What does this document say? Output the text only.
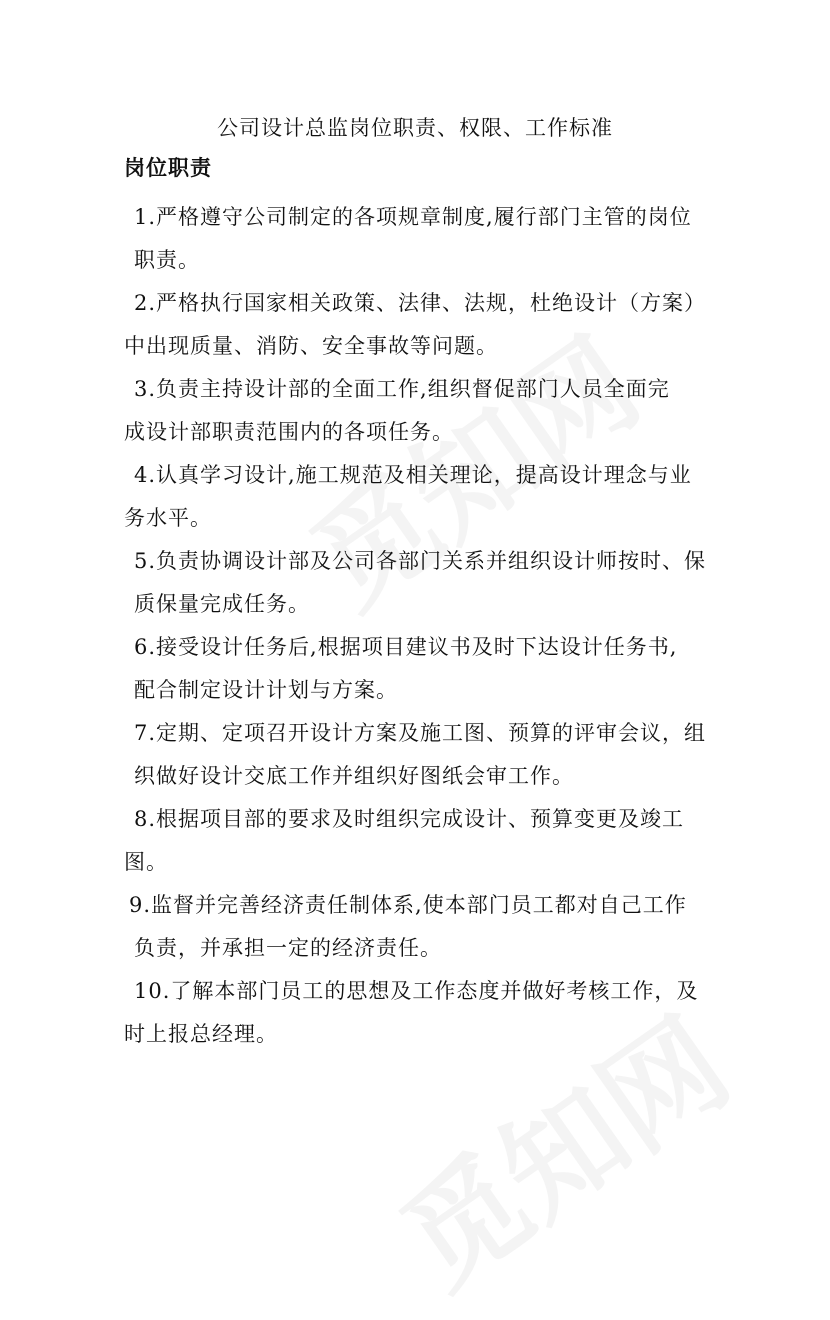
公司设计总监岗位职责、权限、工作标准
岗位职责
1.严格遵守公司制定的各项规章制度,履行部门主管的岗位
职责。
2.严格执行国家相关政策、法律、法规，杜绝设计（方案）
中出现质量、消防、安全事故等问题。
3.负责主持设计部的全面工作,组织督促部门人员全面完
成设计部职责范围内的各项任务。
4.认真学习设计,施工规范及相关理论，提高设计理念与业
务水平。
5.负责协调设计部及公司各部门关系并组织设计师按时、保
质保量完成任务。
6.接受设计任务后,根据项目建议书及时下达设计任务书,
配合制定设计计划与方案。
7.定期、定项召开设计方案及施工图、预算的评审会议，组
织做好设计交底工作并组织好图纸会审工作。
8.根据项目部的要求及时组织完成设计、预算变更及竣工
图。
9.监督并完善经济责任制体系,使本部门员工都对自己工作
负责，并承担一定的经济责任。
10.了解本部门员工的思想及工作态度并做好考核工作，及
时上报总经理。
